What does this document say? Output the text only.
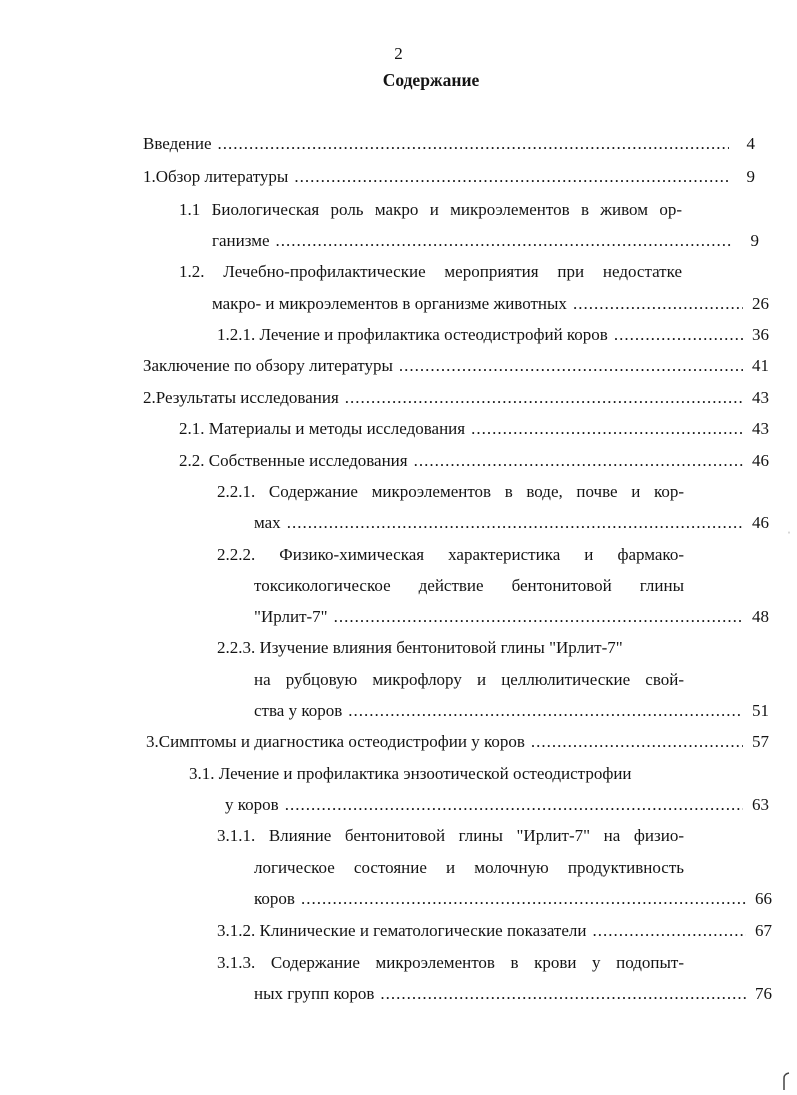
2
Содержание
Введение .....	4
1. Обзор литературы .....	9
1.1 Биологическая роль макро и микроэлементов в живом ор-
ганизме .....	9
1.2. Лечебно-профилактические мероприятия при недостатке
макро- и микроэлементов в организме животных .....	26
1.2.1. Лечение и профилактика остеодистрофий коров .....	36
Заключение по обзору литературы .....	41
2. Результаты исследования .....	43
2.1. Материалы и методы исследования .....	43
2.2. Собственные исследования .....	46
2.2.1. Содержание микроэлементов в воде, почве и кор-
мах .....	46
2.2.2. Физико-химическая характеристика и фармако-
токсикологическое действие бентонитовой глины
"Ирлит-7" .....	48
2.2.3. Изучение влияния бентонитовой глины "Ирлит-7"
на рубцовую микрофлору и целлюлитические свой-
ства у коров .....	51
3. Симптомы и диагностика остеодистрофии у коров .....	57
3.1. Лечение и профилактика энзоотической остеодистрофии
у коров .....	63
3.1.1. Влияние бентонитовой глины "Ирлит-7" на физио-
логическое состояние и молочную продуктивность
коров .....	66
3.1.2. Клинические и гематологические показатели .....	67
3.1.3. Содержание микроэлементов в крови у подопыт-
ных групп коров .....	76
ˌ
